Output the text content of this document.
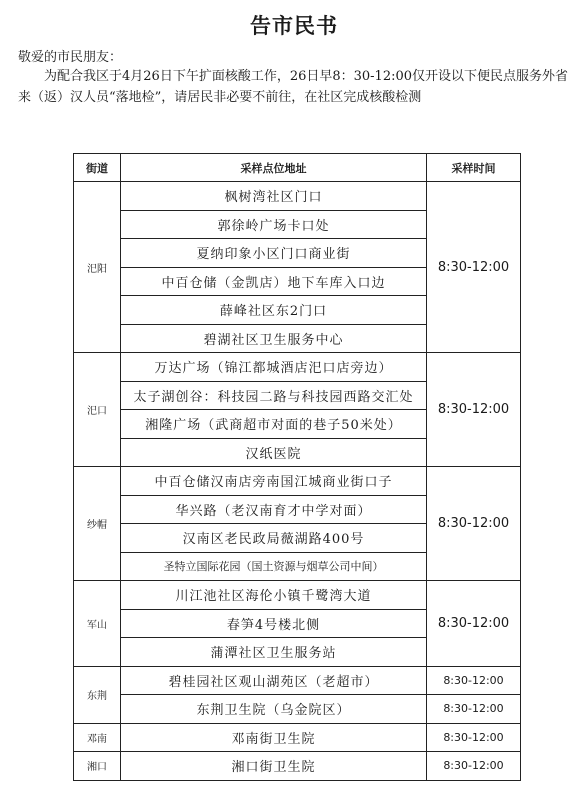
告市民书
敬爱的市民朋友：
为配合我区于4月26日下午扩面核酸工作，26日早8：30-12:00仅开设以下便民点服务外省来（返）汉人员“落地检”，请居民非必要不前往，在社区完成核酸检测
街道	采样点位地址	采样时间
汜阳	枫树湾社区门口	8:30-12:00
	郭徐岭广场卡口处	
	夏纳印象小区门口商业街	
	中百仓储（金凯店）地下车库入口边	
	薛峰社区东2门口	
	碧湖社区卫生服务中心	
汜口	万达广场（锦江都城酒店汜口店旁边）	8:30-12:00
	太子湖创谷：科技园二路与科技园西路交汇处	
	湘隆广场（武商超市对面的巷子50米处）	
	汉纸医院	
纱帽	中百仓储汉南店旁南国江城商业街口子	8:30-12:00
	华兴路（老汉南育才中学对面）	
	汉南区老民政局薇湖路400号	
	圣特立国际花园（国土资源与烟草公司中间）	
军山	川江池社区海伦小镇千鹭湾大道	8:30-12:00
	春笋4号楼北侧	
	蒲潭社区卫生服务站	
东荆	碧桂园社区观山湖苑区（老超市）	8:30-12:00
	东荆卫生院（乌金院区）	8:30-12:00
邓南	邓南街卫生院	8:30-12:00
湘口	湘口街卫生院	8:30-12:00
